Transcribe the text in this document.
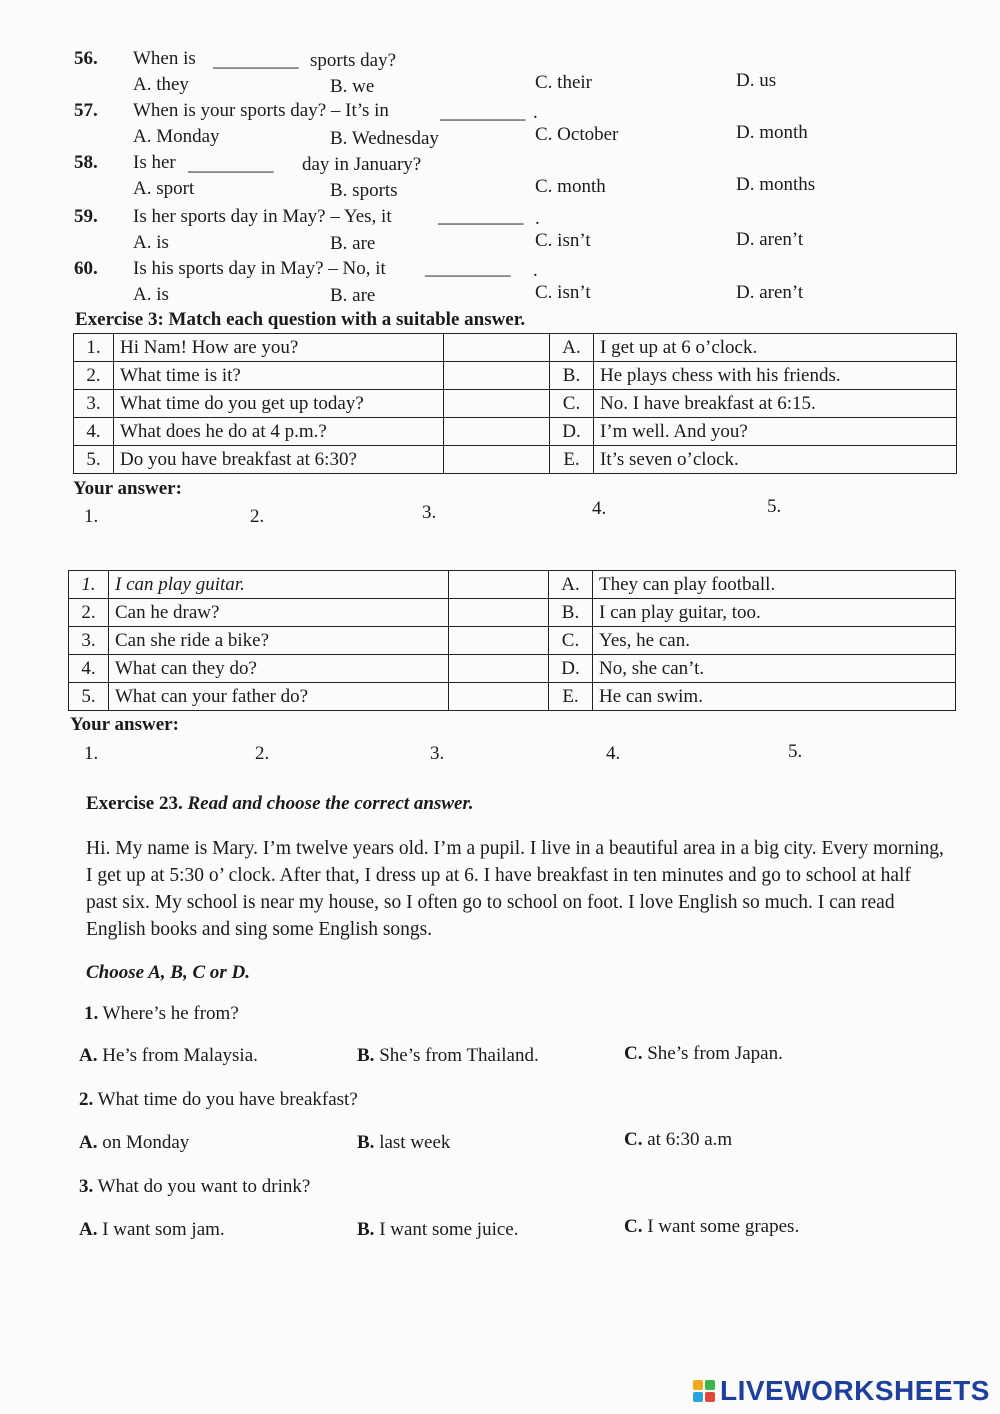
56. When is _________ sports day?
A. they	B. we	C. their	D. us
57. When is your sports day? – It’s in	_________ .
A. Monday	B. Wednesday	C. October	D. month
58. Is her _________ day in January?
A. sport	B. sports	C. month	D. months
59. Is her sports day in May? – Yes, it _________ .
A. is	B. are	C. isn’t	D. aren’t
60. Is his sports day in May? – No, it _________ .
A. is	B. are	C. isn’t	D. aren’t
Exercise 3: Match each question with a suitable answer.
1.	Hi Nam! How are you?		A.	I get up at 6 o’clock.
2.	What time is it?		B.	He plays chess with his friends.
3.	What time do you get up today?		C.	No. I have breakfast at 6:15.
4.	What does he do at 4 p.m.?		D.	I’m well. And you?
5.	Do you have breakfast at 6:30?		E.	It’s seven o’clock.
Your answer:
1.	2.	3.	4.	5.
1.	I can play guitar.		A.	They can play football.
2.	Can he draw?		B.	I can play guitar, too.
3.	Can she ride a bike?		C.	Yes, he can.
4.	What can they do?		D.	No, she can’t.
5.	What can your father do?		E.	He can swim.
Your answer:
1.	2.	3.	4.	5.
Exercise 23. Read and choose the correct answer.
Hi. My name is Mary. I’m twelve years old. I’m a pupil. I live in a beautiful area in a big city. Every morning, I get up at 5:30 o’ clock. After that, I dress up at 6. I have breakfast in ten minutes and go to school at half past six. My school is near my house, so I often go to school on foot. I love English so much. I can read English books and sing some English songs.
Choose A, B, C or D.
1. Where’s he from?
A. He’s from Malaysia.	B. She’s from Thailand.	C. She’s from Japan.
2. What time do you have breakfast?
A. on Monday	B. last week	C. at 6:30 a.m
3. What do you want to drink?
A. I want som jam.	B. I want some juice.	C. I want some grapes.
LIVEWORKSHEETS
